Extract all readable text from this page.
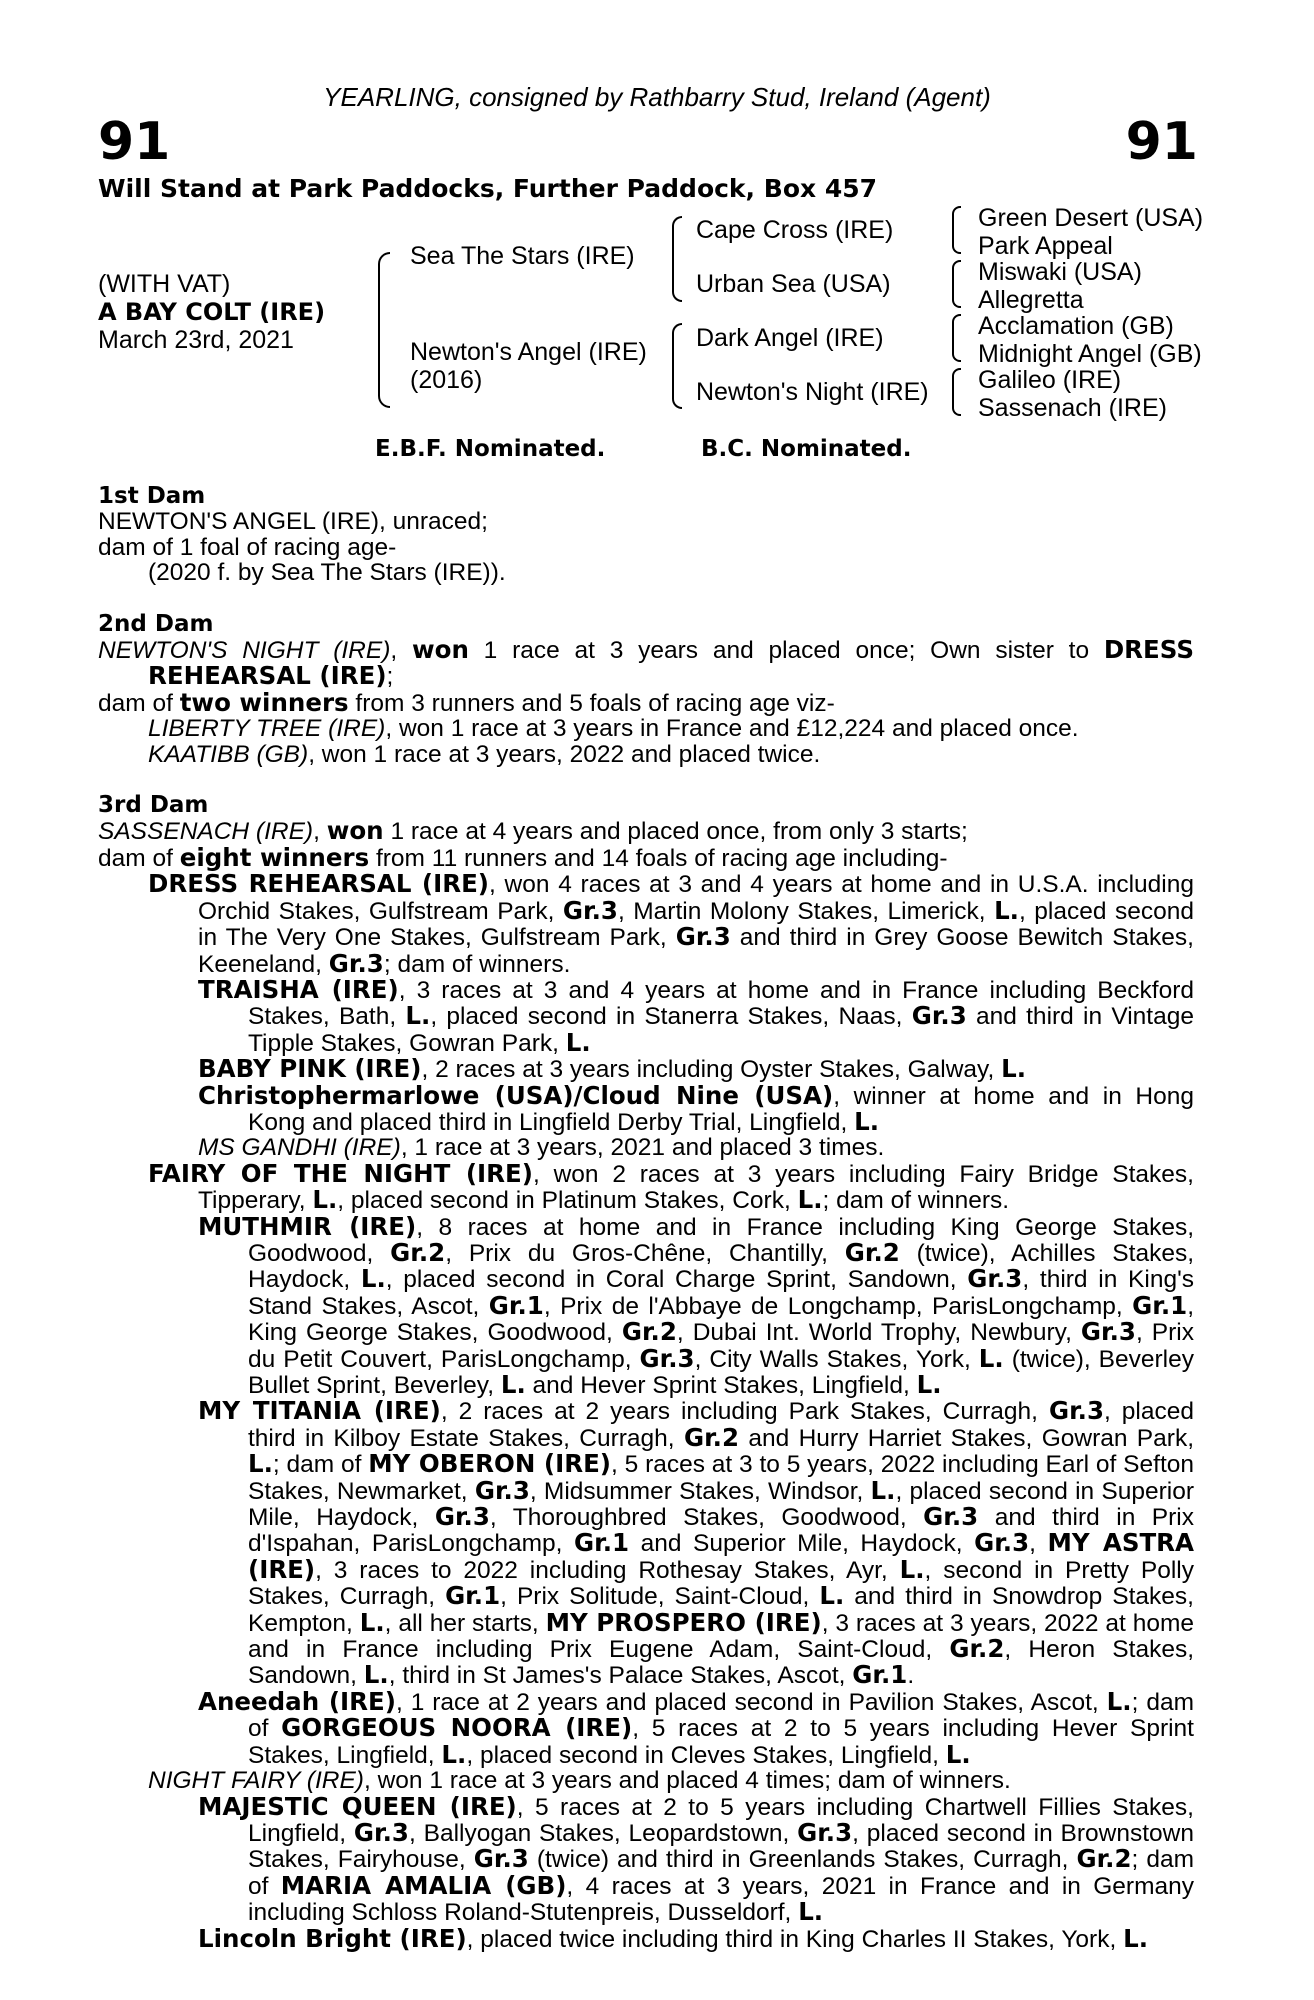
YEARLING, consigned by Rathbarry Stud, Ireland (Agent)
91	91
Will Stand at Park Paddocks, Further Paddock, Box 457
(WITH VAT)
A BAY COLT (IRE)
March 23rd, 2021
Sea The Stars (IRE)
Newton's Angel (IRE)
(2016)
Cape Cross (IRE)
Urban Sea (USA)
Dark Angel (IRE)
Newton's Night (IRE)
Green Desert (USA)
Park Appeal
Miswaki (USA)
Allegretta
Acclamation (GB)
Midnight Angel (GB)
Galileo (IRE)
Sassenach (IRE)
E.B.F. Nominated.	B.C. Nominated.

1st Dam

NEWTON'S ANGEL (IRE), unraced;
dam of 1 foal of racing age-
(2020 f. by Sea The Stars (IRE)).

2nd Dam

NEWTON'S NIGHT (IRE), won 1 race at 3 years and placed once; Own sister to DRESS REHEARSAL (IRE);

dam of two winners from 3 runners and 5 foals of racing age viz-

LIBERTY TREE (IRE), won 1 race at 3 years in France and £12,224 and placed once.

KAATIBB (GB), won 1 race at 3 years, 2022 and placed twice.

3rd Dam

SASSENACH (IRE), won 1 race at 4 years and placed once, from only 3 starts;

dam of eight winners from 11 runners and 14 foals of racing age including-

DRESS REHEARSAL (IRE), won 4 races at 3 and 4 years at home and in U.S.A. including Orchid Stakes, Gulfstream Park, Gr.3, Martin Molony Stakes, Limerick, L., placed second in The Very One Stakes, Gulfstream Park, Gr.3 and third in Grey Goose Bewitch Stakes, Keeneland, Gr.3; dam of winners.

TRAISHA (IRE), 3 races at 3 and 4 years at home and in France including Beckford Stakes, Bath, L., placed second in Stanerra Stakes, Naas, Gr.3 and third in Vintage Tipple Stakes, Gowran Park, L.

BABY PINK (IRE), 2 races at 3 years including Oyster Stakes, Galway, L.

Christophermarlowe (USA)/Cloud Nine (USA), winner at home and in Hong Kong and placed third in Lingfield Derby Trial, Lingfield, L.

MS GANDHI (IRE), 1 race at 3 years, 2021 and placed 3 times.

FAIRY OF THE NIGHT (IRE), won 2 races at 3 years including Fairy Bridge Stakes, Tipperary, L., placed second in Platinum Stakes, Cork, L.; dam of winners.

MUTHMIR (IRE), 8 races at home and in France including King George Stakes, Goodwood, Gr.2, Prix du Gros-Chêne, Chantilly, Gr.2 (twice), Achilles Stakes, Haydock, L., placed second in Coral Charge Sprint, Sandown, Gr.3, third in King's Stand Stakes, Ascot, Gr.1, Prix de l'Abbaye de Longchamp, ParisLongchamp, Gr.1, King George Stakes, Goodwood, Gr.2, Dubai Int. World Trophy, Newbury, Gr.3, Prix du Petit Couvert, ParisLongchamp, Gr.3, City Walls Stakes, York, L. (twice), Beverley Bullet Sprint, Beverley, L. and Hever Sprint Stakes, Lingfield, L.

MY TITANIA (IRE), 2 races at 2 years including Park Stakes, Curragh, Gr.3, placed third in Kilboy Estate Stakes, Curragh, Gr.2 and Hurry Harriet Stakes, Gowran Park, L.; dam of MY OBERON (IRE), 5 races at 3 to 5 years, 2022 including Earl of Sefton Stakes, Newmarket, Gr.3, Midsummer Stakes, Windsor, L., placed second in Superior Mile, Haydock, Gr.3, Thoroughbred Stakes, Goodwood, Gr.3 and third in Prix d'Ispahan, ParisLongchamp, Gr.1 and Superior Mile, Haydock, Gr.3, MY ASTRA (IRE), 3 races to 2022 including Rothesay Stakes, Ayr, L., second in Pretty Polly Stakes, Curragh, Gr.1, Prix Solitude, Saint-Cloud, L. and third in Snowdrop Stakes, Kempton, L., all her starts, MY PROSPERO (IRE), 3 races at 3 years, 2022 at home and in France including Prix Eugene Adam, Saint-Cloud, Gr.2, Heron Stakes, Sandown, L., third in St James's Palace Stakes, Ascot, Gr.1.

Aneedah (IRE), 1 race at 2 years and placed second in Pavilion Stakes, Ascot, L.; dam of GORGEOUS NOORA (IRE), 5 races at 2 to 5 years including Hever Sprint Stakes, Lingfield, L., placed second in Cleves Stakes, Lingfield, L.

NIGHT FAIRY (IRE), won 1 race at 3 years and placed 4 times; dam of winners.

MAJESTIC QUEEN (IRE), 5 races at 2 to 5 years including Chartwell Fillies Stakes, Lingfield, Gr.3, Ballyogan Stakes, Leopardstown, Gr.3, placed second in Brownstown Stakes, Fairyhouse, Gr.3 (twice) and third in Greenlands Stakes, Curragh, Gr.2; dam of MARIA AMALIA (GB), 4 races at 3 years, 2021 in France and in Germany including Schloss Roland-Stutenpreis, Dusseldorf, L.

Lincoln Bright (IRE), placed twice including third in King Charles II Stakes, York, L.
